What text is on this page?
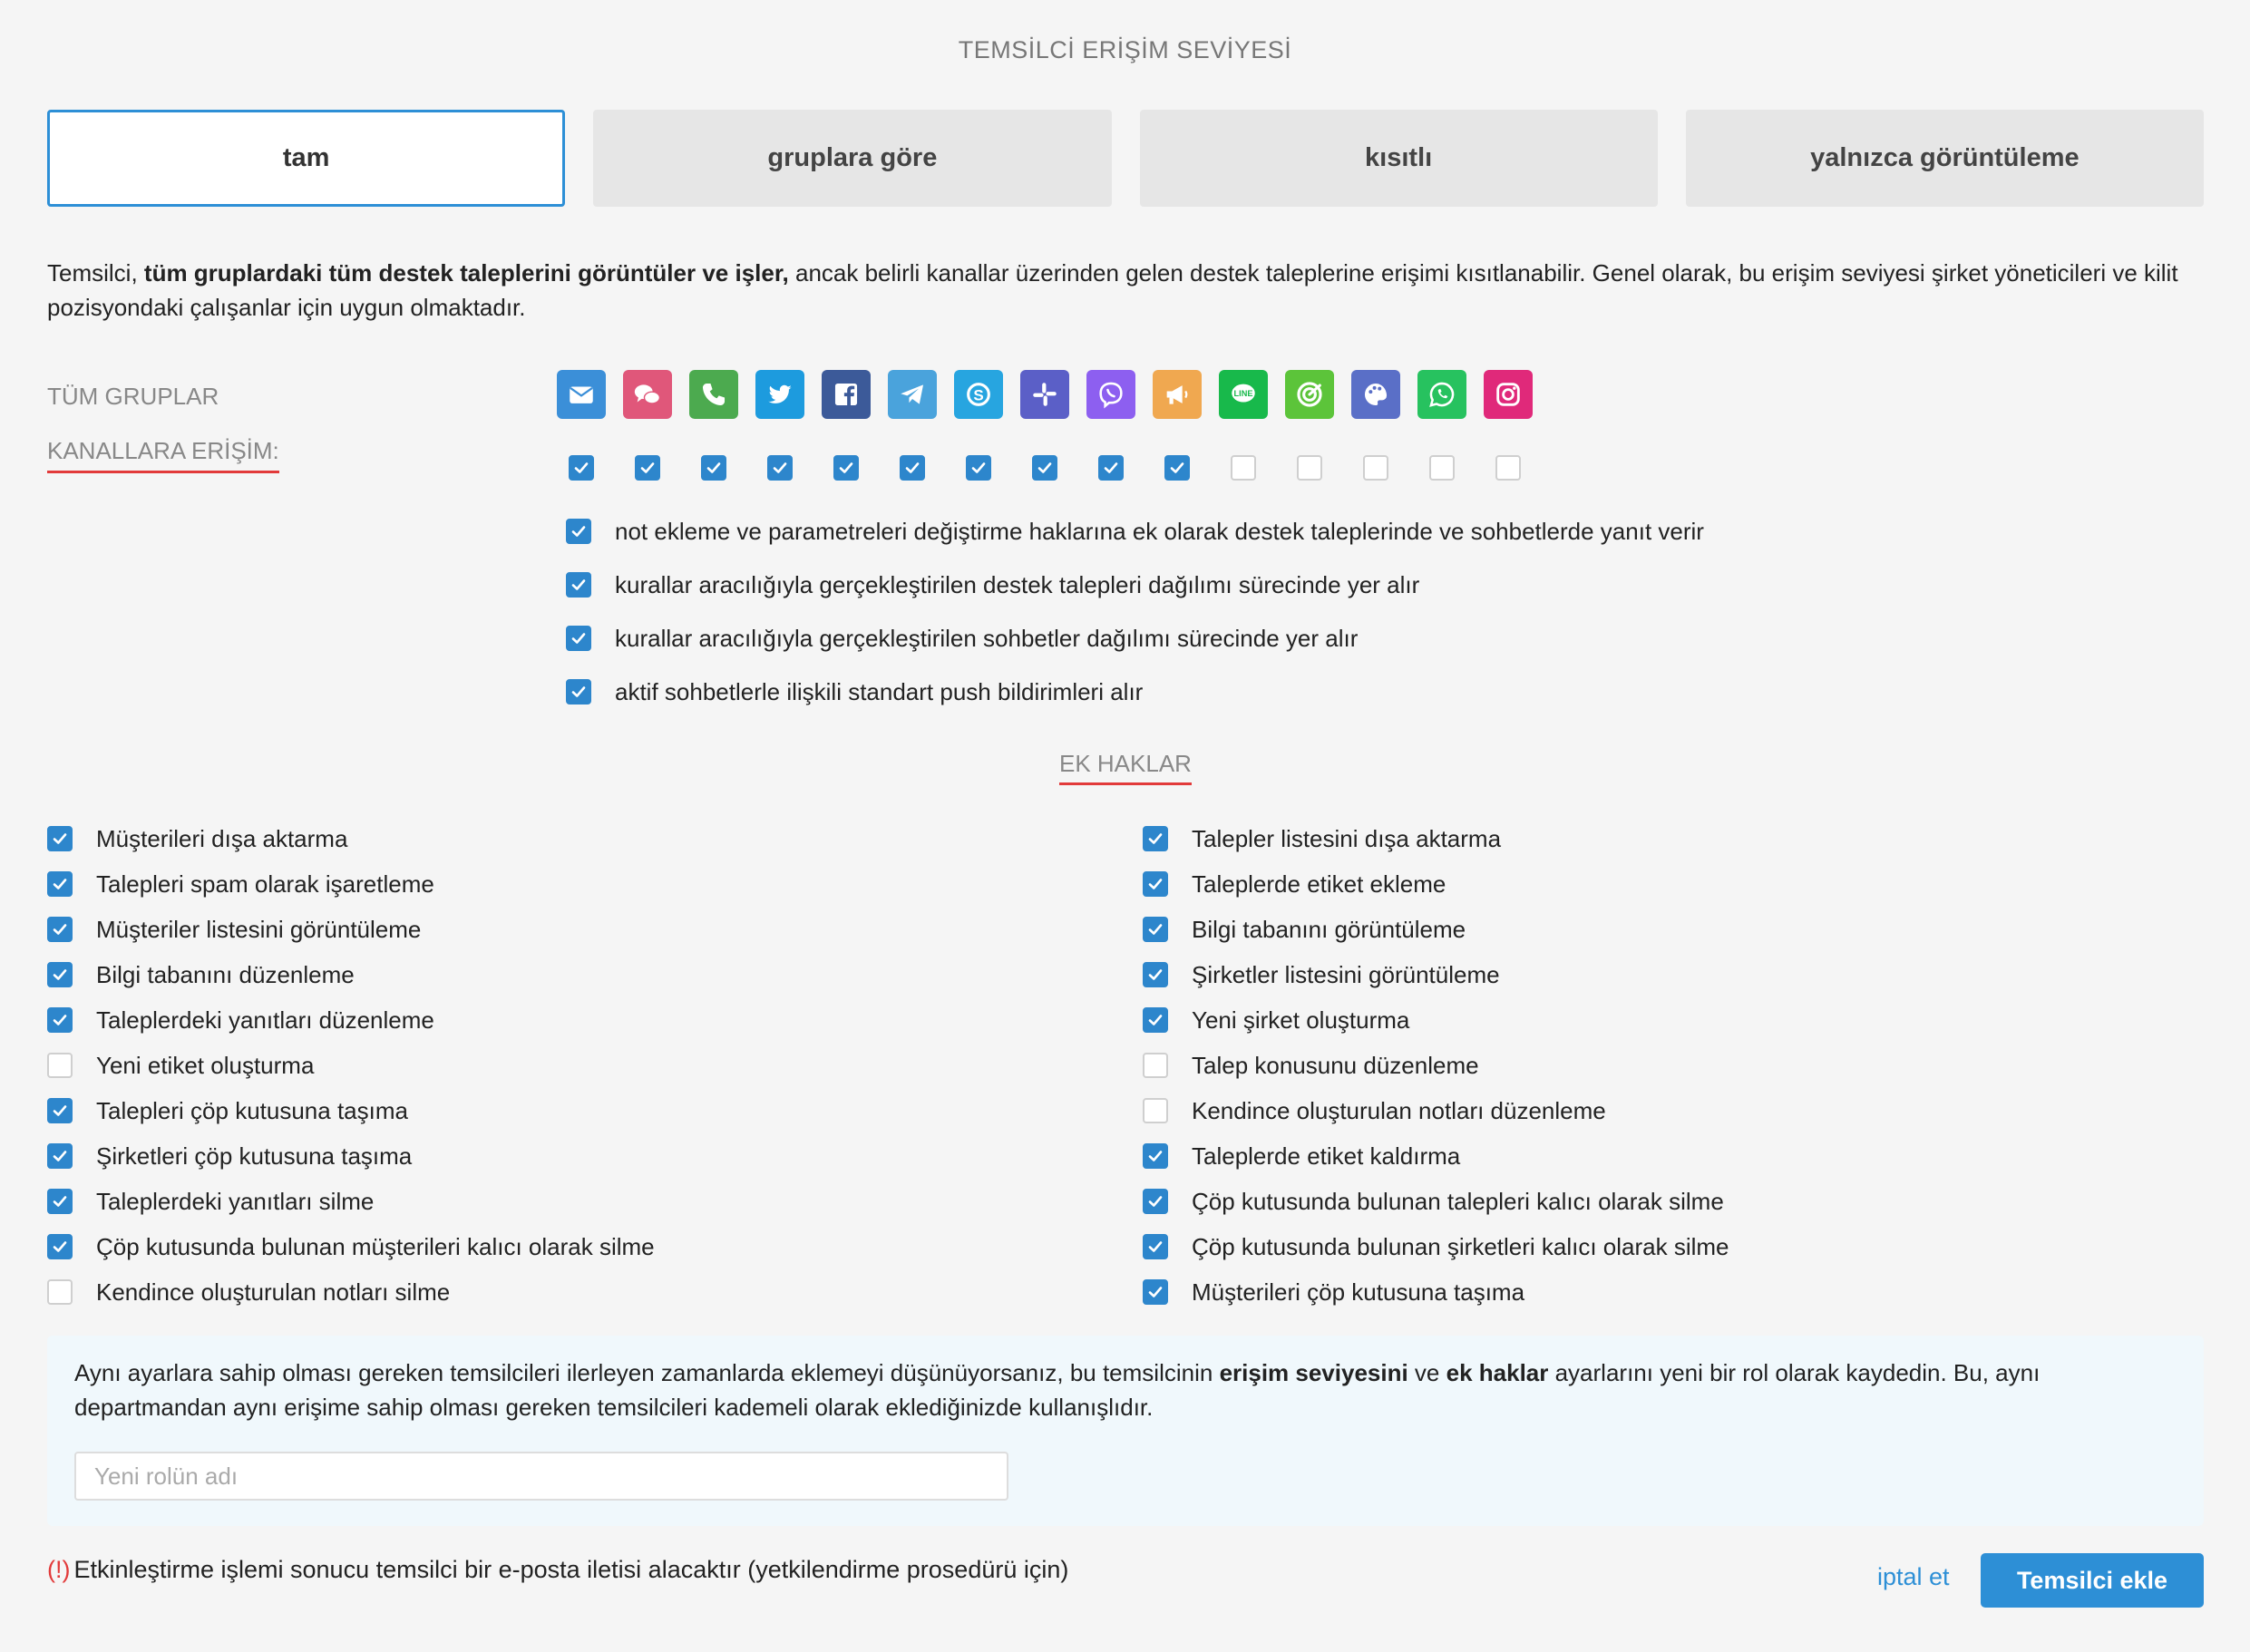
TEMSİLCİ ERİŞİM SEVİYESİ
tam	gruplara göre	kısıtlı	yalnızca görüntüleme
Temsilci, tüm gruplardaki tüm destek taleplerini görüntüler ve işler, ancak belirli kanallar üzerinden gelen destek taleplerine erişimi kısıtlanabilir. Genel olarak, bu erişim seviyesi şirket yöneticileri ve kilit pozisyondaki çalışanlar için uygun olmaktadır.
TÜM GRUPLAR
KANALLARA ERİŞİM:
S	LINE
not ekleme ve parametreleri değiştirme haklarına ek olarak destek taleplerinde ve sohbetlerde yanıt verir
kurallar aracılığıyla gerçekleştirilen destek talepleri dağılımı sürecinde yer alır
kurallar aracılığıyla gerçekleştirilen sohbetler dağılımı sürecinde yer alır
aktif sohbetlerle ilişkili standart push bildirimleri alır
EK HAKLAR
Müşterileri dışa aktarma
Talepleri spam olarak işaretleme
Müşteriler listesini görüntüleme
Bilgi tabanını düzenleme
Taleplerdeki yanıtları düzenleme
Yeni etiket oluşturma
Talepleri çöp kutusuna taşıma
Şirketleri çöp kutusuna taşıma
Taleplerdeki yanıtları silme
Çöp kutusunda bulunan müşterileri kalıcı olarak silme
Kendince oluşturulan notları silme
Talepler listesini dışa aktarma
Taleplerde etiket ekleme
Bilgi tabanını görüntüleme
Şirketler listesini görüntüleme
Yeni şirket oluşturma
Talep konusunu düzenleme
Kendince oluşturulan notları düzenleme
Taleplerde etiket kaldırma
Çöp kutusunda bulunan talepleri kalıcı olarak silme
Çöp kutusunda bulunan şirketleri kalıcı olarak silme
Müşterileri çöp kutusuna taşıma
Aynı ayarlara sahip olması gereken temsilcileri ilerleyen zamanlarda eklemeyi düşünüyorsanız, bu temsilcinin erişim seviyesini ve ek haklar ayarlarını yeni bir rol olarak kaydedin. Bu, aynı departmandan aynı erişime sahip olması gereken temsilcileri kademeli olarak eklediğinizde kullanışlıdır.
Yeni rolün adı
(!) Etkinleştirme işlemi sonucu temsilci bir e-posta iletisi alacaktır (yetkilendirme prosedürü için)	iptal et	Temsilci ekle
